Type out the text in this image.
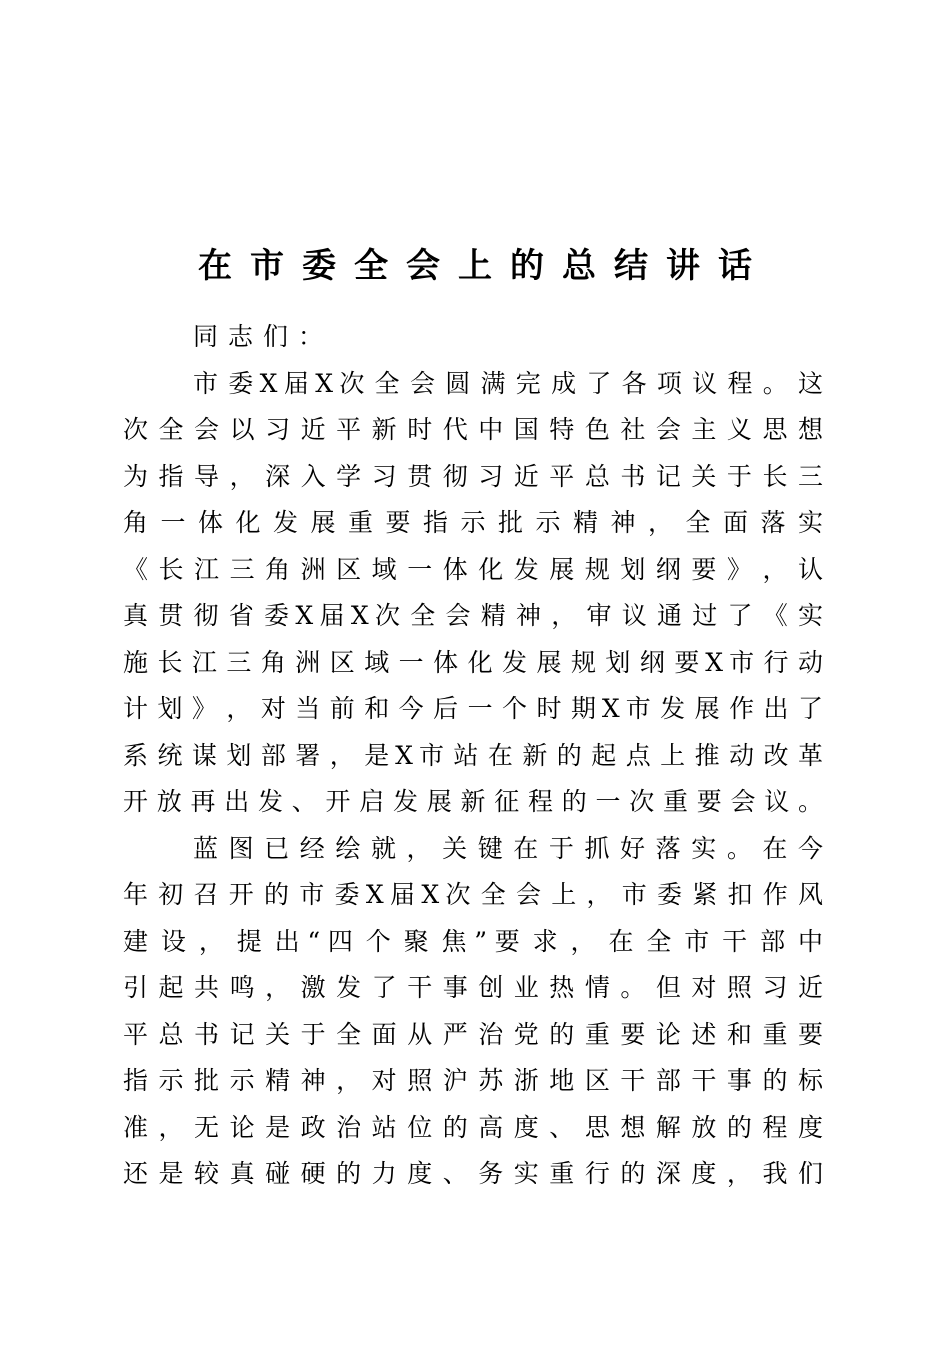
在市委全会上的总结讲话
同志们：
市 委 X 届 X 次 全 会 圆 满 完 成 了 各 项 议 程 。 这
次 全 会 以 习 近 平 新 时 代 中 国 特 色 社 会 主 义 思 想
为 指 导 ， 深 入 学 习 贯 彻 习 近 平 总 书 记 关 于 长 三
角 一 体 化 发 展 重 要 指 示 批 示 精 神 ， 全 面 落 实
《 长 江 三 角 洲 区 域 一 体 化 发 展 规 划 纲 要 》 ， 认
真 贯 彻 省 委 X 届 X 次 全 会 精 神 ， 审 议 通 过 了 《 实
施 长 江 三 角 洲 区 域 一 体 化 发 展 规 划 纲 要 X 市 行 动
计 划 》 ， 对 当 前 和 今 后 一 个 时 期 X 市 发 展 作 出 了
系 统 谋 划 部 署 ， 是 X 市 站 在 新 的 起 点 上 推 动 改 革
开 放 再 出 发 、 开 启 发 展 新 征 程 的 一 次 重 要 会 议 。
蓝 图 已 经 绘 就 ， 关 键 在 于 抓 好 落 实 。 在 今
年 初 召 开 的 市 委 X 届 X 次 全 会 上 ， 市 委 紧 扣 作 风
建 设 ， 提 出 “ 四 个 聚 焦 ” 要 求 ， 在 全 市 干 部 中
引 起 共 鸣 ， 激 发 了 干 事 创 业 热 情 。 但 对 照 习 近
平 总 书 记 关 于 全 面 从 严 治 党 的 重 要 论 述 和 重 要
指 示 批 示 精 神 ， 对 照 沪 苏 浙 地 区 干 部 干 事 的 标
准 ， 无 论 是 政 治 站 位 的 高 度 、 思 想 解 放 的 程 度
还 是 较 真 碰 硬 的 力 度 、 务 实 重 行 的 深 度 ， 我 们
